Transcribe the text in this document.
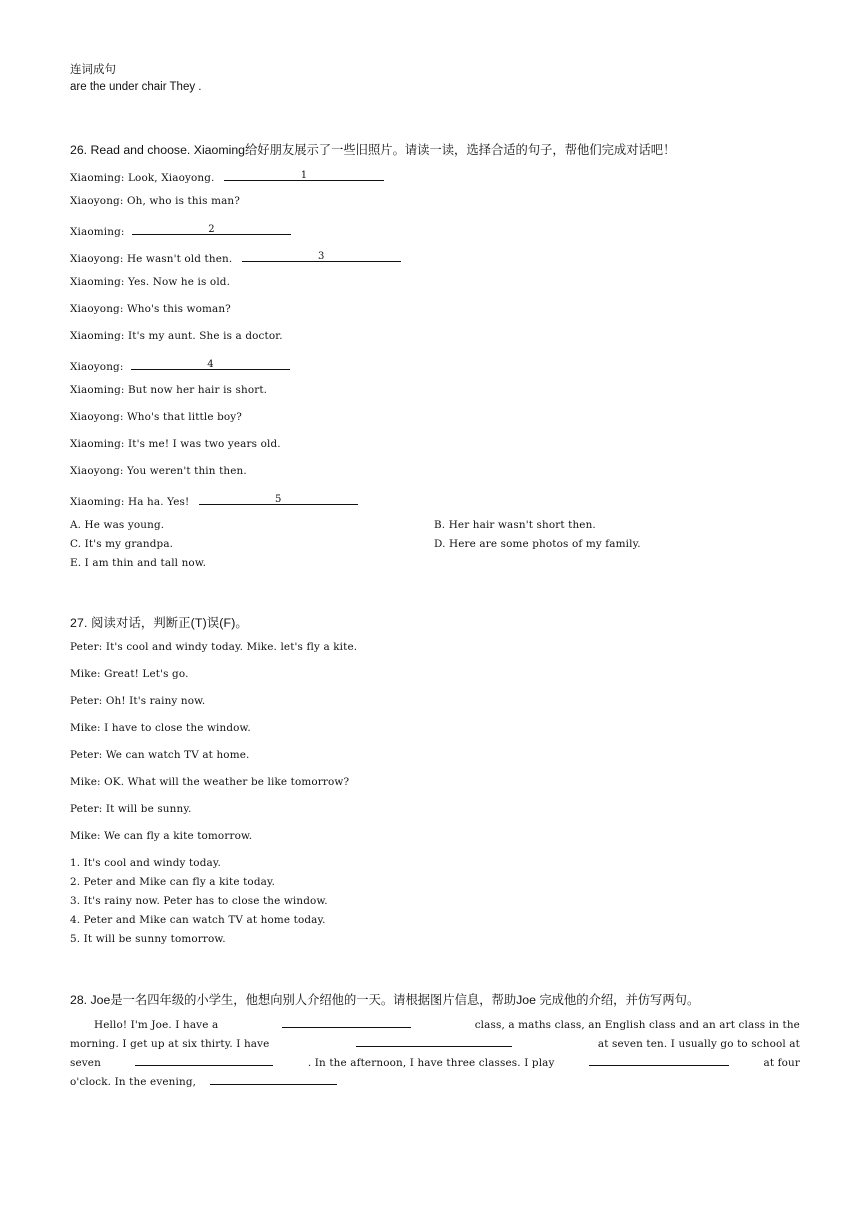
连词成句
are the under chair They .
26. Read and choose. Xiaoming给好朋友展示了一些旧照片。请读一读，选择合适的句子，帮他们完成对话吧！
Xiaoming: Look, Xiaoyong.	1
Xiaoyong: Oh, who is this man?
Xiaoming:	2
Xiaoyong: He wasn't old then.	3
Xiaoming: Yes. Now he is old.
Xiaoyong: Who's this woman?
Xiaoming: It's my aunt. She is a doctor.
Xiaoyong:	4
Xiaoming: But now her hair is short.
Xiaoyong: Who's that little boy?
Xiaoming: It's me! I was two years old.
Xiaoyong: You weren't thin then.
Xiaoming: Ha ha. Yes!	5
A. He was young.	B. Her hair wasn't short then.
C. It's my grandpa.	D. Here are some photos of my family.
E. I am thin and tall now.
27. 阅读对话，判断正(T)误(F)。
Peter: It's cool and windy today. Mike. let's fly a kite.
Mike: Great! Let's go.
Peter: Oh! It's rainy now.
Mike: I have to close the window.
Peter: We can watch TV at home.
Mike: OK. What will the weather be like tomorrow?
Peter: It will be sunny.
Mike: We can fly a kite tomorrow.
1. It's cool and windy today.
2. Peter and Mike can fly a kite today.
3. It's rainy now. Peter has to close the window.
4. Peter and Mike can watch TV at home today.
5. It will be sunny tomorrow.
28. Joe是一名四年级的小学生，他想向别人介绍他的一天。请根据图片信息，帮助Joe 完成他的介绍，并仿写两句。
Hello! I'm Joe. I have a	class, a maths class, an English class and an art class in the
morning. I get up at six thirty. I have	at seven ten. I usually go to school at
seven	. In the afternoon, I have three classes. I play	at four
o'clock. In the evening,
